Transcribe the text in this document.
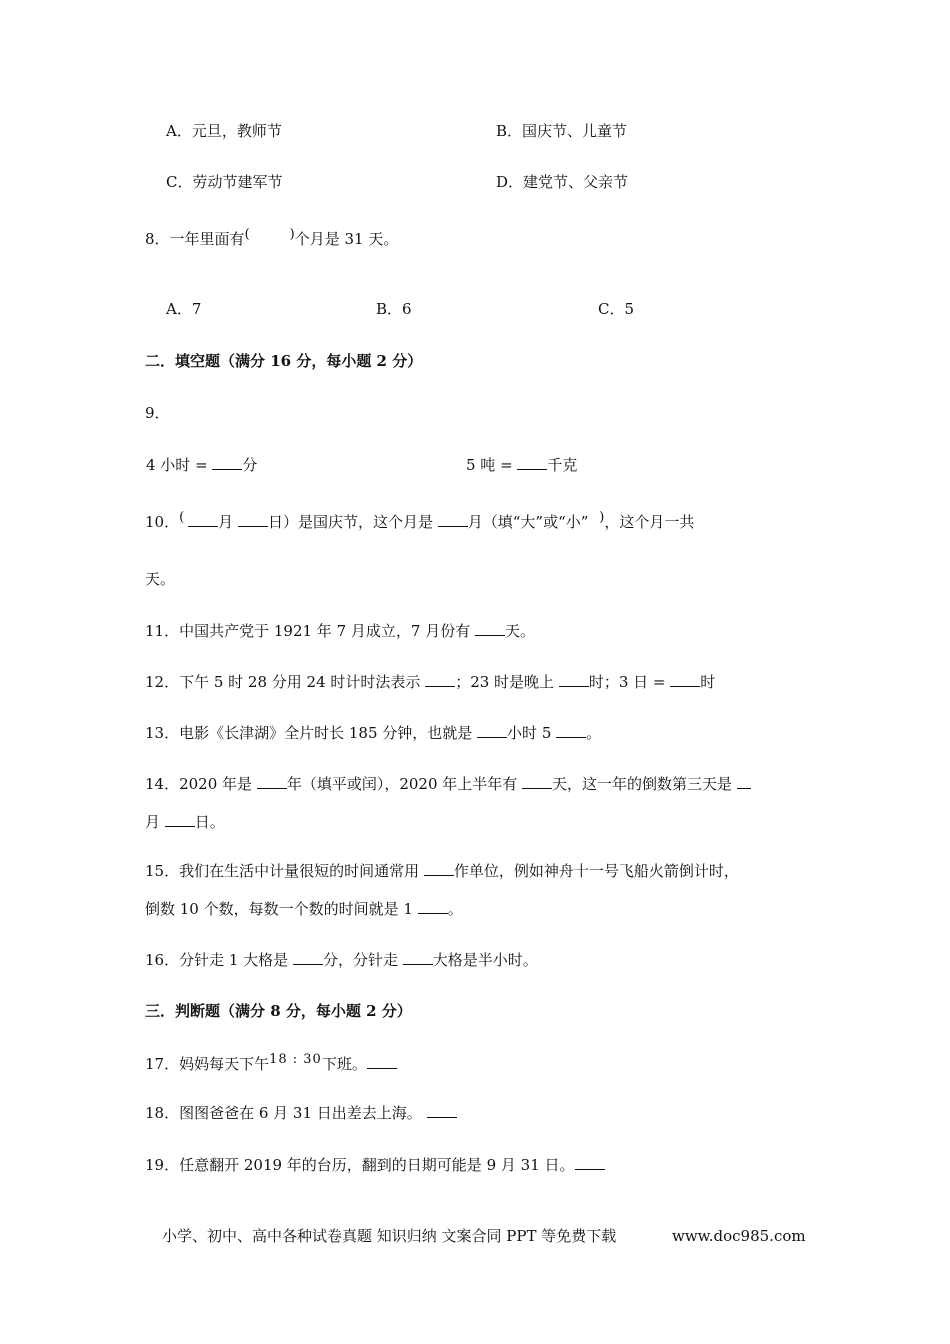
A．元旦，教师节	B．国庆节、儿童节
C．劳动节建军节	D．建党节、父亲节
8．一年里面有(	)个月是 31 天。
A．7	B．6	C．5
二．填空题（满分 16 分，每小题 2 分）
9．
4 小时 = 分	5 吨 = 千克
10．( 月 日）是国庆节，这个月是 月（填“大”或“小” )，这个月一共
天。
11．中国共产党于 1921 年 7 月成立，7 月份有 天。
12．下午 5 时 28 分用 24 时计时法表示 ；23 时是晚上 时；3 日 = 时
13．电影《长津湖》全片时长 185 分钟，也就是 小时 5 。
14．2020 年是 年（填平或闰），2020 年上半年有 天，这一年的倒数第三天是
月 日。
15．我们在生活中计量很短的时间通常用 作单位，例如神舟十一号飞船火箭倒计时，
倒数 10 个数，每数一个数的时间就是 1 。
16．分针走 1 大格是 分，分针走 大格是半小时。
三．判断题（满分 8 分，每小题 2 分）
17．妈妈每天下午18 : 30下班。
18．图图爸爸在 6 月 31 日出差去上海。
19．任意翻开 2019 年的台历，翻到的日期可能是 9 月 31 日。
小学、初中、高中各种试卷真题 知识归纳 文案合同 PPT 等免费下载	www.doc985.com
